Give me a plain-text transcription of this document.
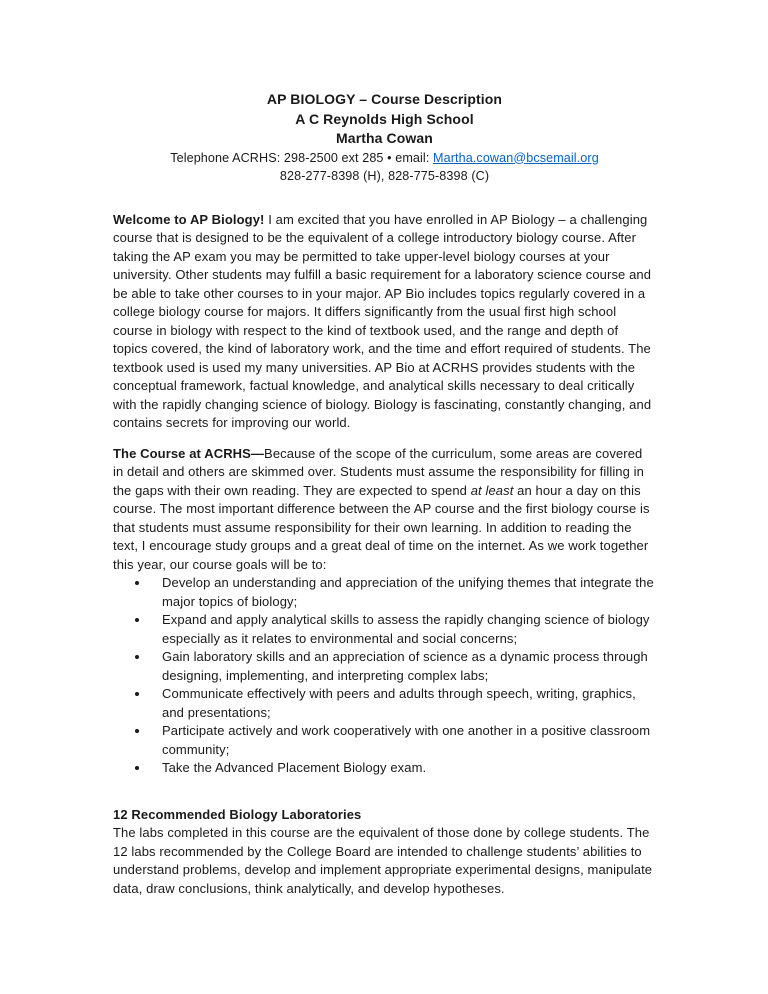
AP BIOLOGY – Course Description
A C Reynolds High School
Martha Cowan
Telephone ACRHS: 298-2500 ext 285 • email: Martha.cowan@bcsemail.org
828-277-8398 (H), 828-775-8398 (C)

Welcome to AP Biology! I am excited that you have enrolled in AP Biology – a challenging course that is designed to be the equivalent of a college introductory biology course. After taking the AP exam you may be permitted to take upper-level biology courses at your university. Other students may fulfill a basic requirement for a laboratory science course and be able to take other courses to in your major. AP Bio includes topics regularly covered in a college biology course for majors. It differs significantly from the usual first high school course in biology with respect to the kind of textbook used, and the range and depth of topics covered, the kind of laboratory work, and the time and effort required of students. The textbook used is used my many universities. AP Bio at ACRHS provides students with the conceptual framework, factual knowledge, and analytical skills necessary to deal critically with the rapidly changing science of biology. Biology is fascinating, constantly changing, and contains secrets for improving our world.

The Course at ACRHS—Because of the scope of the curriculum, some areas are covered in detail and others are skimmed over. Students must assume the responsibility for filling in the gaps with their own reading. They are expected to spend at least an hour a day on this course. The most important difference between the AP course and the first biology course is that students must assume responsibility for their own learning. In addition to reading the text, I encourage study groups and a great deal of time on the internet. As we work together this year, our course goals will be to:

• Develop an understanding and appreciation of the unifying themes that integrate the major topics of biology;
• Expand and apply analytical skills to assess the rapidly changing science of biology especially as it relates to environmental and social concerns;
• Gain laboratory skills and an appreciation of science as a dynamic process through designing, implementing, and interpreting complex labs;
• Communicate effectively with peers and adults through speech, writing, graphics, and presentations;
• Participate actively and work cooperatively with one another in a positive classroom community;
• Take the Advanced Placement Biology exam.
12 Recommended Biology Laboratories

The labs completed in this course are the equivalent of those done by college students. The 12 labs recommended by the College Board are intended to challenge students’ abilities to understand problems, develop and implement appropriate experimental designs, manipulate data, draw conclusions, think analytically, and develop hypotheses.
